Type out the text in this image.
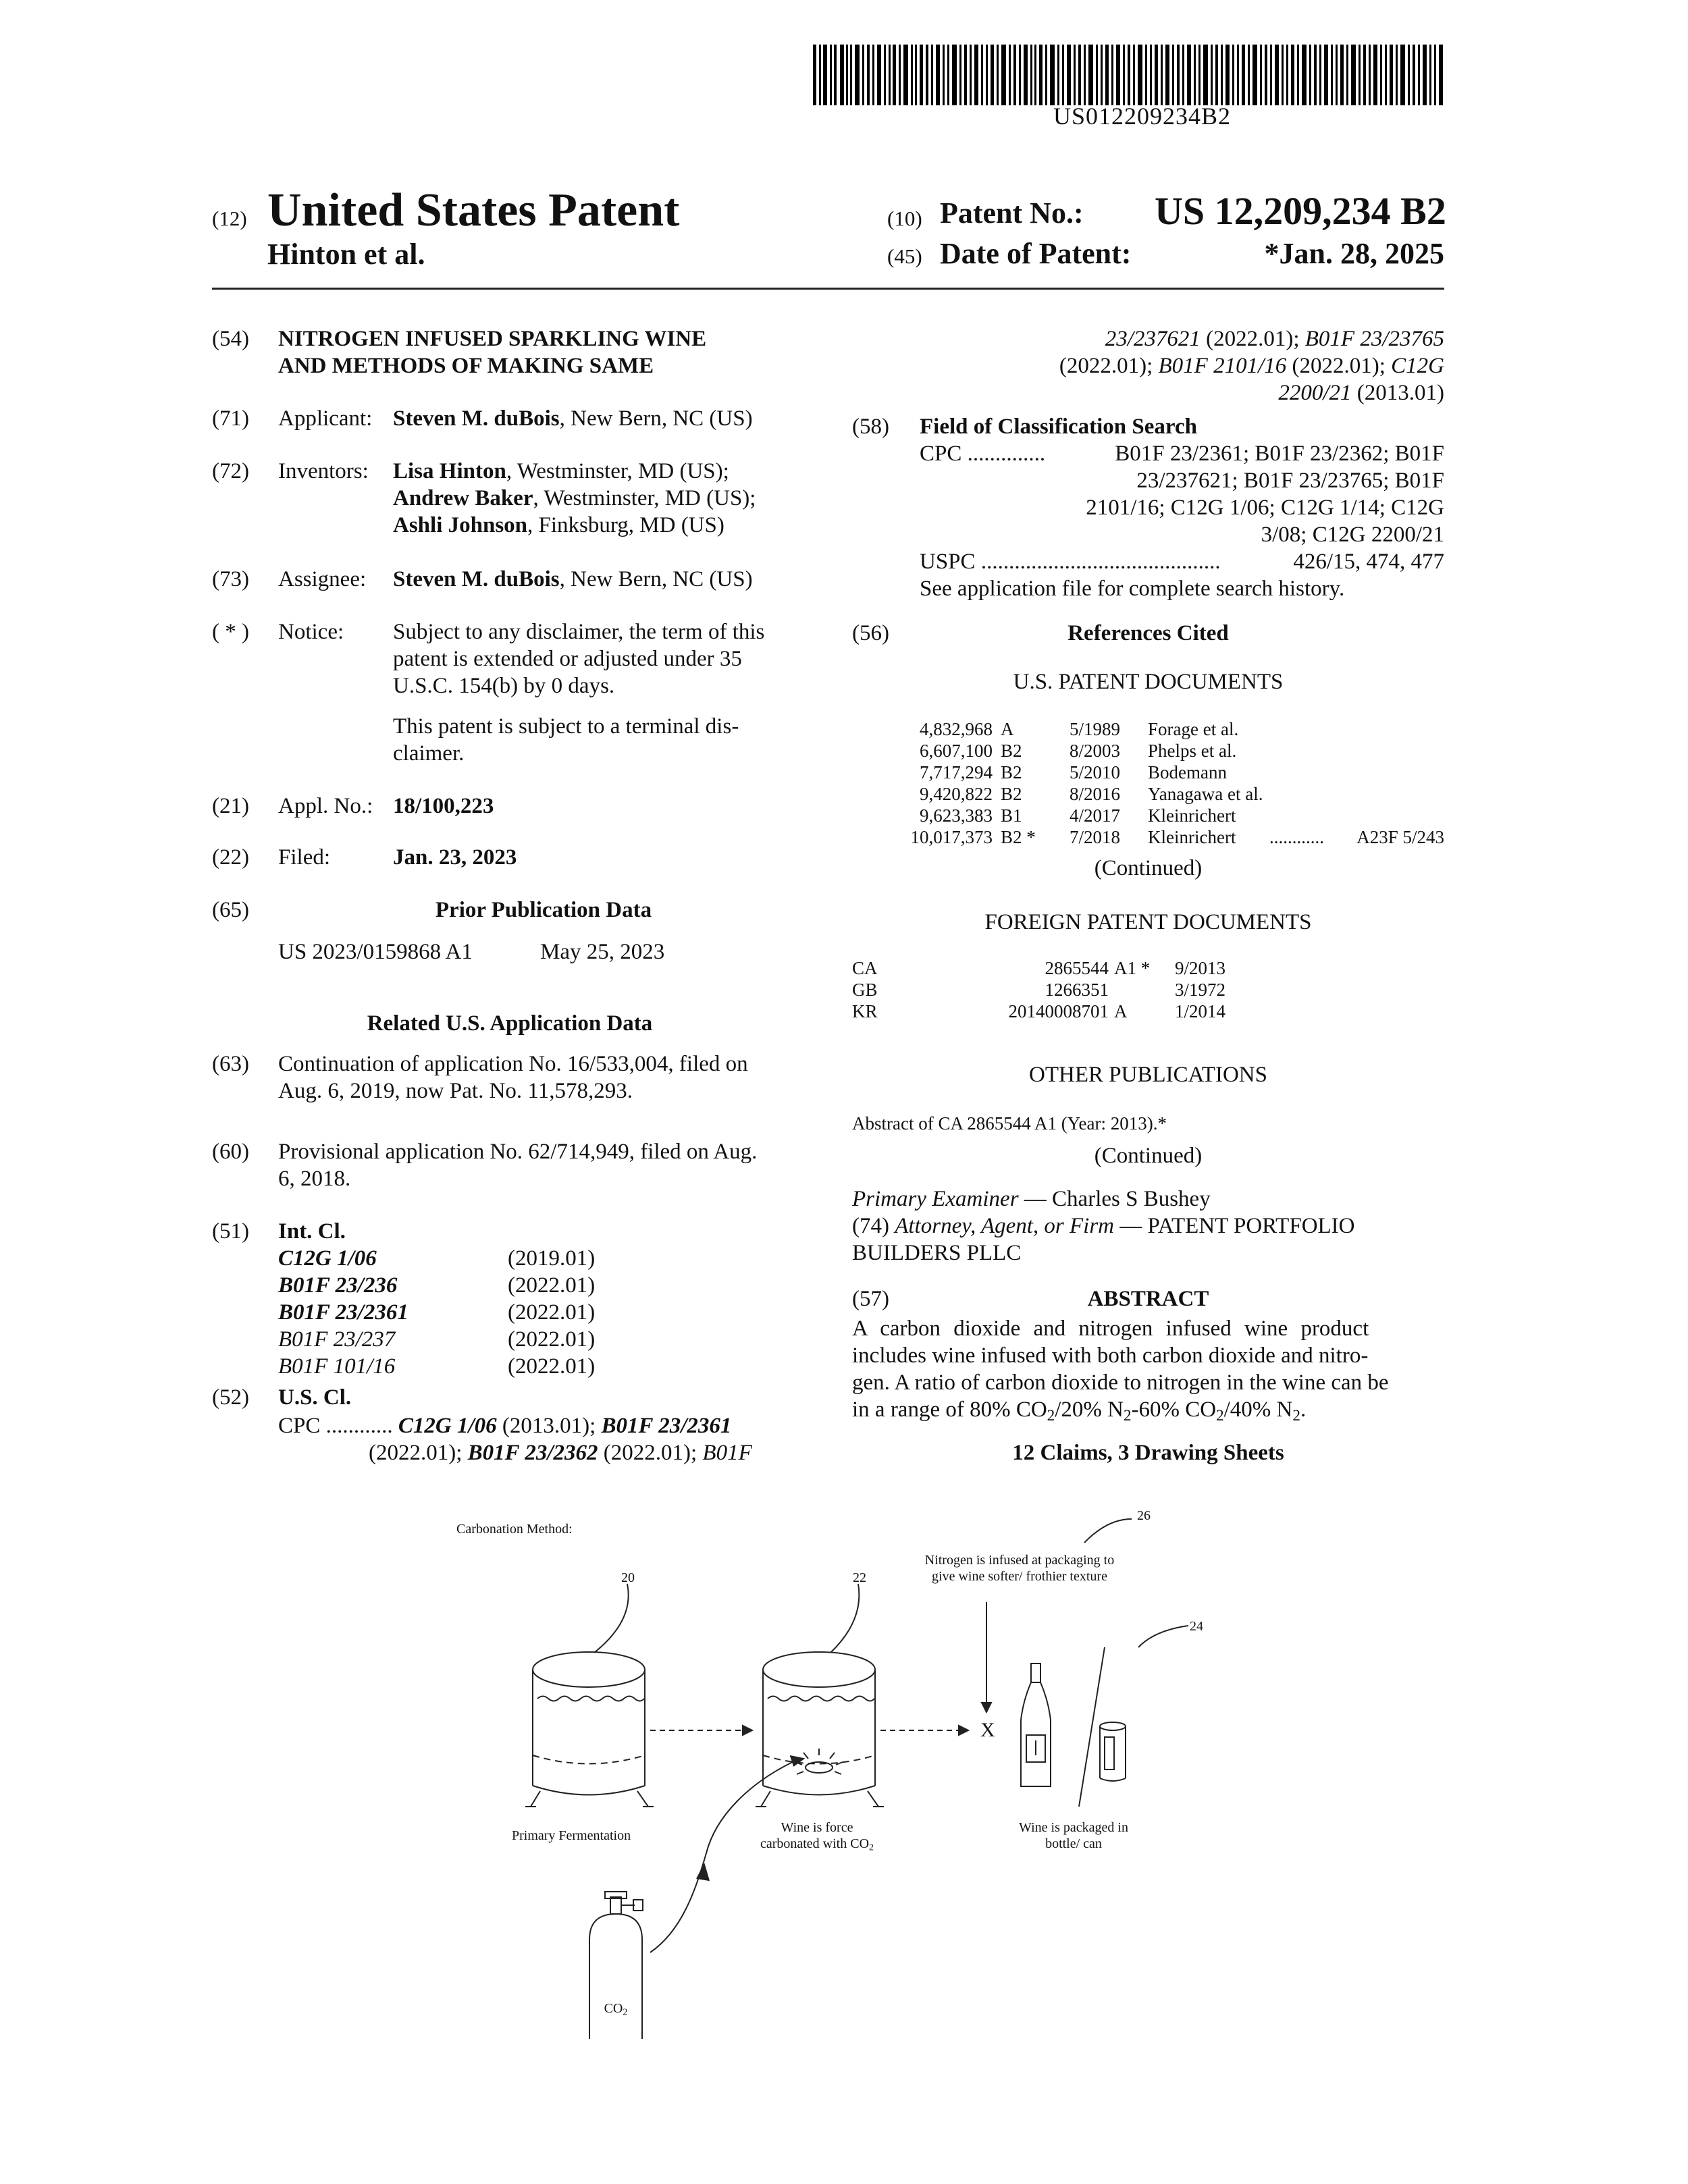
US012209234B2
(12) United States Patent
Hinton et al.
(10) Patent No.: US 12,209,234 B2
(45) Date of Patent:	*Jan. 28, 2025
(54) NITROGEN INFUSED SPARKLING WINE
AND METHODS OF MAKING SAME
(71) Applicant: Steven M. duBois, New Bern, NC (US)
(72) Inventors: Lisa Hinton, Westminster, MD (US);
Andrew Baker, Westminster, MD (US);
Ashli Johnson, Finksburg, MD (US)
(73) Assignee: Steven M. duBois, New Bern, NC (US)
( * ) Notice: Subject to any disclaimer, the term of this
patent is extended or adjusted under 35
U.S.C. 154(b) by 0 days.
This patent is subject to a terminal dis-
claimer.
(21) Appl. No.: 18/100,223
(22) Filed:	Jan. 23, 2023
(65)	Prior Publication Data
US 2023/0159868 A1	May 25, 2023
Related U.S. Application Data
(63) Continuation of application No. 16/533,004, filed on
Aug. 6, 2019, now Pat. No. 11,578,293.
(60) Provisional application No. 62/714,949, filed on Aug.
6, 2018.
(51) Int. Cl.
C12G 1/06	(2019.01)
B01F 23/236	(2022.01)
B01F 23/2361	(2022.01)
B01F 23/237	(2022.01)
B01F 101/16	(2022.01)
(52) U.S. Cl.
CPC ............ C12G 1/06 (2013.01); B01F 23/2361
(2022.01); B01F 23/2362 (2022.01); B01F
23/237621 (2022.01); B01F 23/23765
(2022.01); B01F 2101/16 (2022.01); C12G
2200/21 (2013.01)
(58) Field of Classification Search
CPC ..............	B01F 23/2361; B01F 23/2362; B01F
23/237621; B01F 23/23765; B01F
2101/16; C12G 1/06; C12G 1/14; C12G
3/08; C12G 2200/21
USPC ...........................................	426/15, 474, 477
See application file for complete search history.
(56)	References Cited
U.S. PATENT DOCUMENTS
4,832,968 A	5/1989 Forage et al.
6,607,100 B2	8/2003 Phelps et al.
7,717,294 B2	5/2010 Bodemann
9,420,822 B2	8/2016 Yanagawa et al.
9,623,383 B1	4/2017 Kleinrichert
10,017,373 B2 * 7/2018 Kleinrichert ............ A23F 5/243
(Continued)
FOREIGN PATENT DOCUMENTS
CA	2865544 A1 * 9/2013
GB	1266351	3/1972
KR	20140008701 A	1/2014
OTHER PUBLICATIONS
Abstract of CA 2865544 A1 (Year: 2013).*
(Continued)
Primary Examiner — Charles S Bushey
(74) Attorney, Agent, or Firm — PATENT PORTFOLIO
BUILDERS PLLC
(57)	ABSTRACT
A carbon dioxide and nitrogen infused wine product
includes wine infused with both carbon dioxide and nitro-
gen. A ratio of carbon dioxide to nitrogen in the wine can be
in a range of 80% $CO_2/20\%$ $N_2-60\%$ $CO_2/40\%$ $N_2$.
12 Claims, 3 Drawing Sheets
Carbonation Method:
20	22
26
24
Nitrogen is infused at packaging to
give wine softer/ frothier texture
X
Primary Fermentation
Wine is force
carbonated with $CO_2$
Wine is packaged in
bottle/ can
$CO_2$
